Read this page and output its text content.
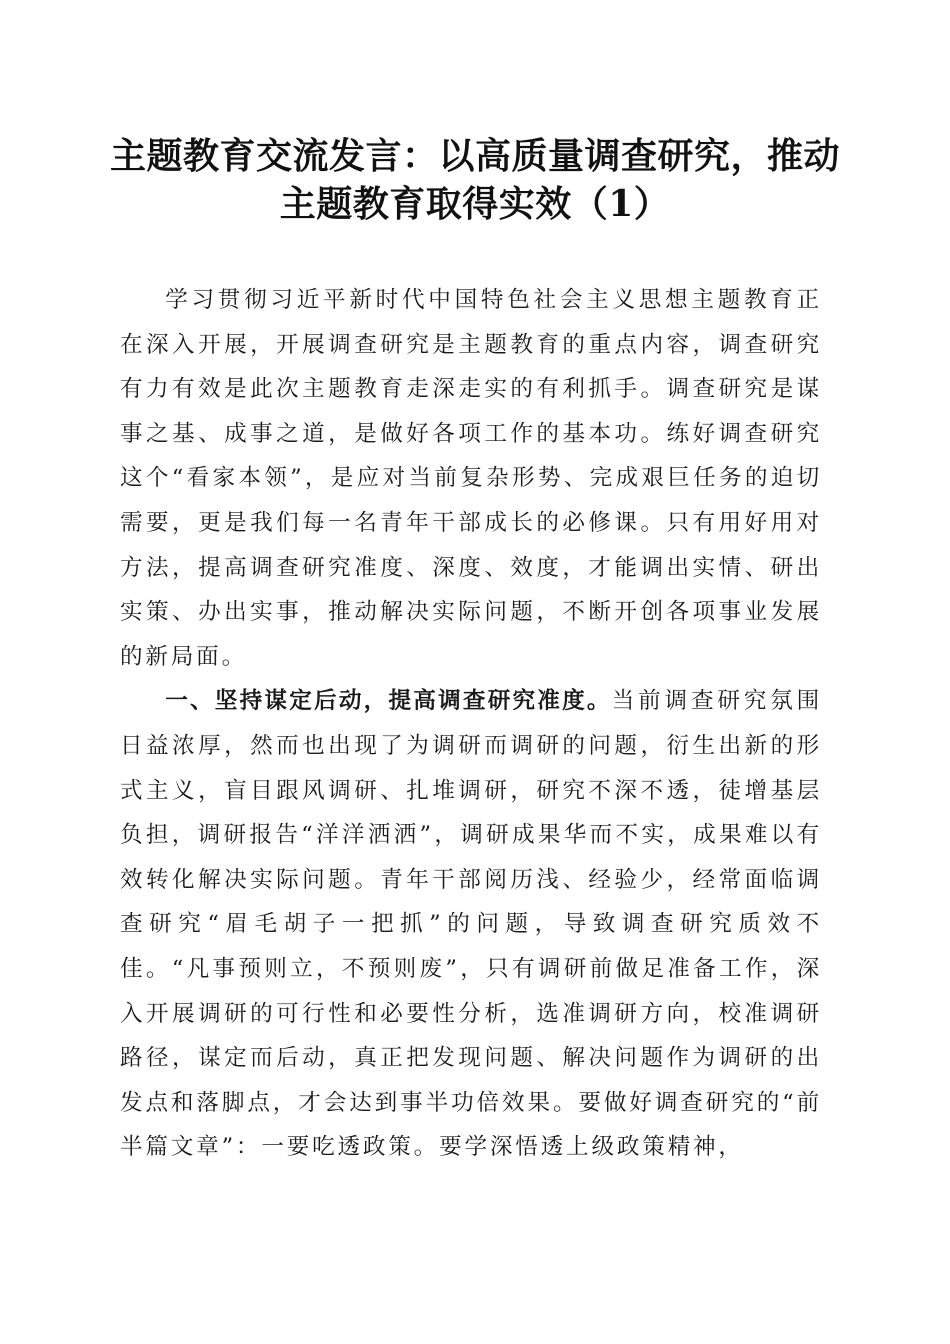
主题教育交流发言：以高质量调查研究，推动
主题教育取得实效（1）

学习贯彻习近平新时代中国特色社会主义思想主题教育正在深入开展，开展调查研究是主题教育的重点内容，调查研究有力有效是此次主题教育走深走实的有利抓手。调查研究是谋事之基、成事之道，是做好各项工作的基本功。练好调查研究这个“看家本领”，是应对当前复杂形势、完成艰巨任务的迫切需要，更是我们每一名青年干部成长的必修课。只有用好用对方法，提高调查研究准度、深度、效度，才能调出实情、研出实策、办出实事，推动解决实际问题，不断开创各项事业发展的新局面。

一、坚持谋定后动，提高调查研究准度。当前调查研究氛围日益浓厚，然而也出现了为调研而调研的问题，衍生出新的形式主义，盲目跟风调研、扎堆调研，研究不深不透，徒增基层负担，调研报告“洋洋洒洒”，调研成果华而不实，成果难以有效转化解决实际问题。青年干部阅历浅、经验少，经常面临调查研究“眉毛胡子一把抓”的问题，导致调查研究质效不佳。“凡事预则立，不预则废”，只有调研前做足准备工作，深入开展调研的可行性和必要性分析，选准调研方向，校准调研路径，谋定而后动，真正把发现问题、解决问题作为调研的出发点和落脚点，才会达到事半功倍效果。要做好调查研究的“前半篇文章”：一要吃透政策。要学深悟透上级政策精神，
